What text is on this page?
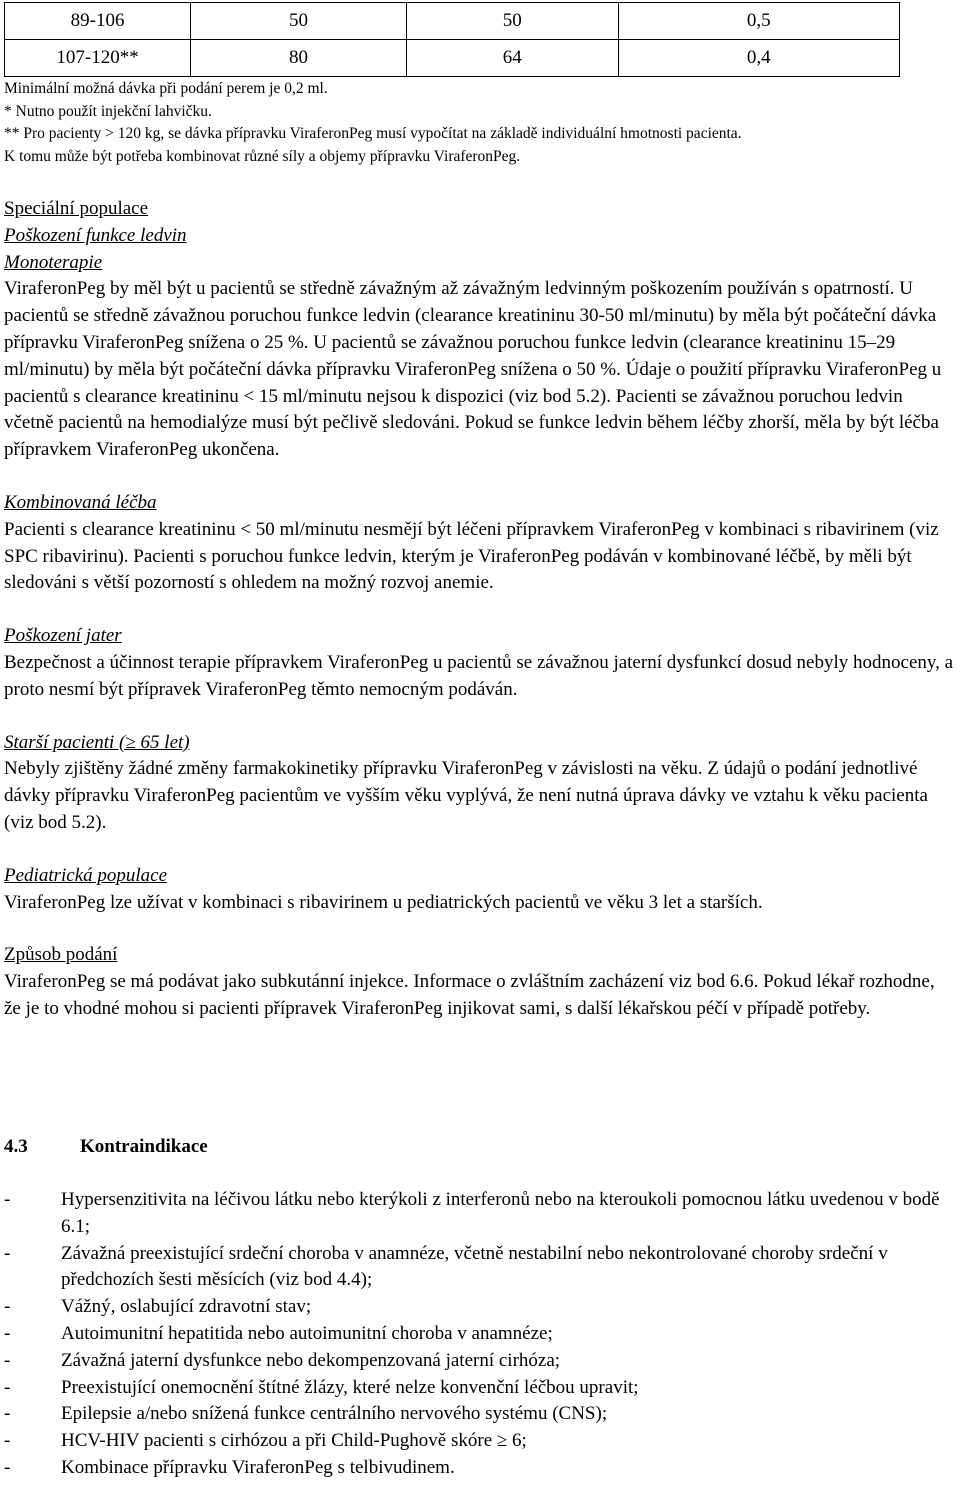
89-106	50	50	0,5
107-120**	80	64	0,4
Minimální možná dávka při podání perem je 0,2 ml.
* Nutno použít injekční lahvičku.
** Pro pacienty > 120 kg, se dávka přípravku ViraferonPeg musí vypočítat na základě individuální hmotnosti pacienta.
K tomu může být potřeba kombinovat různé síly a objemy přípravku ViraferonPeg.
Speciální populace
Poškození funkce ledvin
Monoterapie

ViraferonPeg by měl být u pacientů se středně závažným až závažným ledvinným poškozením používán s opatrností. U pacientů se středně závažnou poruchou funkce ledvin (clearance kreatininu 30-50 ml/minutu) by měla být počáteční dávka přípravku ViraferonPeg snížena o 25 %. U pacientů se závažnou poruchou funkce ledvin (clearance kreatininu 15–29 ml/minutu) by měla být počáteční dávka přípravku ViraferonPeg snížena o 50 %. Údaje o použití přípravku ViraferonPeg u pacientů s clearance kreatininu < 15 ml/minutu nejsou k dispozici (viz bod 5.2). Pacienti se závažnou poruchou ledvin včetně pacientů na hemodialýze musí být pečlivě sledováni. Pokud se funkce ledvin během léčby zhorší, měla by být léčba přípravkem ViraferonPeg ukončena.

Kombinovaná léčba

Pacienti s clearance kreatininu < 50 ml/minutu nesmějí být léčeni přípravkem ViraferonPeg v kombinaci s ribavirinem (viz SPC ribavirinu). Pacienti s poruchou funkce ledvin, kterým je ViraferonPeg podáván v kombinované léčbě, by měli být sledováni s větší pozorností s ohledem na možný rozvoj anemie.

Poškození jater

Bezpečnost a účinnost terapie přípravkem ViraferonPeg u pacientů se závažnou jaterní dysfunkcí dosud nebyly hodnoceny, a proto nesmí být přípravek ViraferonPeg těmto nemocným podáván.

Starší pacienti (≥ 65 let)

Nebyly zjištěny žádné změny farmakokinetiky přípravku ViraferonPeg v závislosti na věku. Z údajů o podání jednotlivé dávky přípravku ViraferonPeg pacientům ve vyšším věku vyplývá, že není nutná úprava dávky ve vztahu k věku pacienta (viz bod 5.2).

Pediatrická populace

ViraferonPeg lze užívat v kombinaci s ribavirinem u pediatrických pacientů ve věku 3 let a starších.

Způsob podání

ViraferonPeg se má podávat jako subkutánní injekce. Informace o zvláštním zacházení viz bod 6.6. Pokud lékař rozhodne, že je to vhodné mohou si pacienti přípravek ViraferonPeg injikovat sami, s další lékařskou péčí v případě potřeby.

4.3	Kontraindikace
-	Hypersenzitivita na léčivou látku nebo kterýkoli z interferonů nebo na kteroukoli pomocnou látku uvedenou v bodě 6.1;
-	Závažná preexistující srdeční choroba v anamnéze, včetně nestabilní nebo nekontrolované choroby srdeční v předchozích šesti měsících (viz bod 4.4);
-	Vážný, oslabující zdravotní stav;
-	Autoimunitní hepatitida nebo autoimunitní choroba v anamnéze;
-	Závažná jaterní dysfunkce nebo dekompenzovaná jaterní cirhóza;
-	Preexistující onemocnění štítné žlázy, které nelze konvenční léčbou upravit;
-	Epilepsie a/nebo snížená funkce centrálního nervového systému (CNS);
-	HCV-HIV pacienti s cirhózou a při Child-Pughově skóre ≥ 6;
-	Kombinace přípravku ViraferonPeg s telbivudinem.
